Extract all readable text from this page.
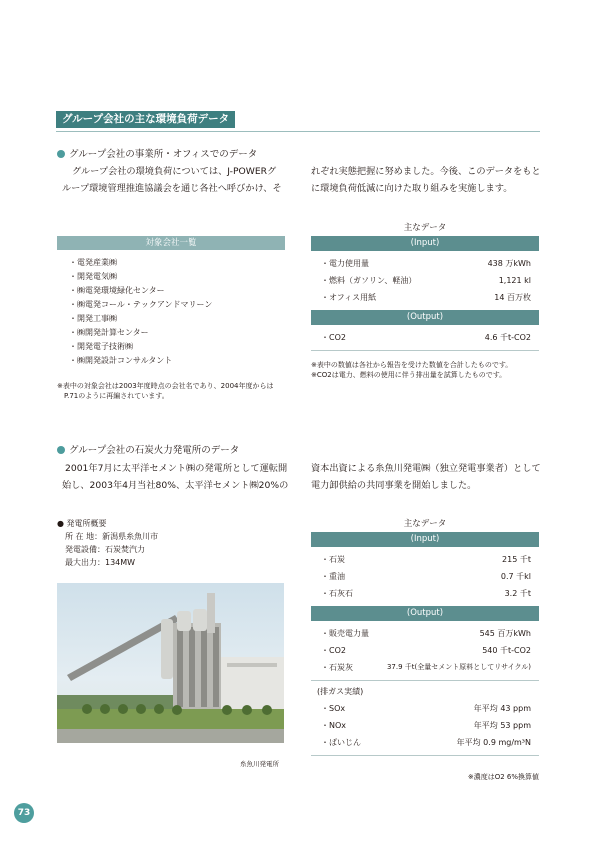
グループ会社の主な環境負荷データ
グループ会社の事業所・オフィスでのデータ
グループ会社の環境負荷については、J-POWERグ
ループ環境管理推進協議会を通じ各社へ呼びかけ、そ
れぞれ実態把握に努めました。今後、このデータをもと
に環境負荷低減に向けた取り組みを実施します。
対象会社一覧
・電発産業㈱
・開発電気㈱
・㈱電発環境緑化センター
・㈱電発コール・テックアンドマリーン
・開発工事㈱
・㈱開発計算センター
・開発電子技術㈱
・㈱開発設計コンサルタント
※表中の対象会社は2003年度時点の会社名であり、2004年度からは
P.71のように再編されています。
主なデータ
(Input)
・電力使用量	438 万kWh
・燃料（ガソリン、軽油）	1,121 kl
・オフィス用紙	14 百万枚
(Output)
・CO2	4.6 千t-CO2
※表中の数値は各社から報告を受けた数値を合計したものです。
※CO2は電力、燃料の使用に伴う排出量を試算したものです。
グループ会社の石炭火力発電所のデータ
2001年7月に太平洋セメント㈱の発電所として運転開
始し、2003年4月当社80%、太平洋セメント㈱20%の
資本出資による糸魚川発電㈱（独立発電事業者）として
電力卸供給の共同事業を開始しました。
● 発電所概要
所 在 地：新潟県糸魚川市
発電設備：石炭焚汽力
最大出力：134MW
糸魚川発電所
主なデータ
(Input)
・石炭	215 千t
・重油	0.7 千kl
・石灰石	3.2 千t
(Output)
・販売電力量	545 百万kWh
・CO2	540 千t-CO2
・石炭灰	37.9 千t(全量セメント原料としてリサイクル)
(排ガス実績)
・SOx	年平均 43 ppm
・NOx	年平均 53 ppm
・ばいじん	年平均 0.9 mg/m³N
※濃度はO2 6%換算値
73
